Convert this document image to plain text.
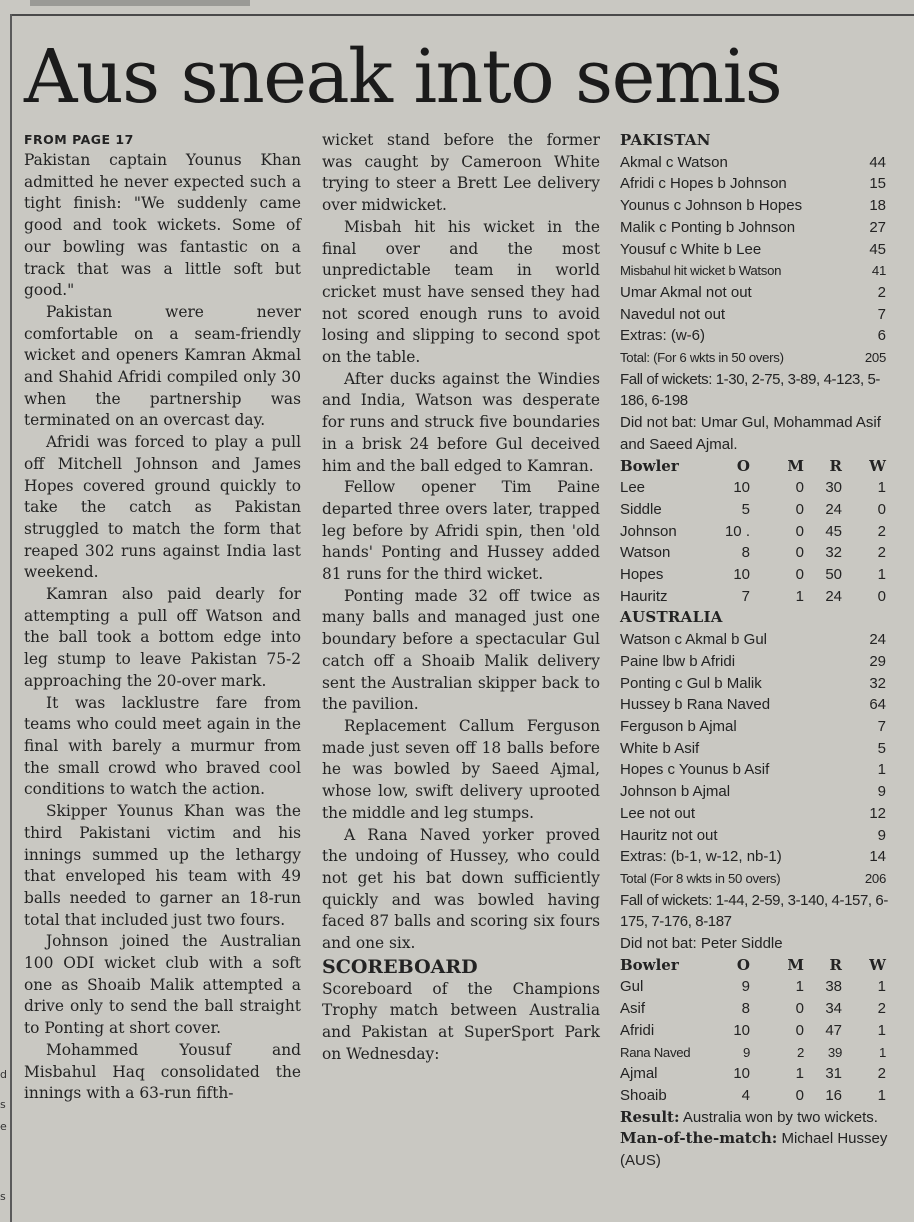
d
s
e
s
Aus sneak into semis
FROM PAGE 17

Pakistan captain Younus Khan admitted he never expected such a tight finish: "We suddenly came good and took wickets. Some of our bowling was fantastic on a track that was a little soft but good."

Pakistan were never comfortable on a seam-friendly wicket and openers Kamran Akmal and Shahid Afridi compiled only 30 when the partnership was terminated on an overcast day.

Afridi was forced to play a pull off Mitchell Johnson and James Hopes covered ground quickly to take the catch as Pakistan struggled to match the form that reaped 302 runs against India last weekend.

Kamran also paid dearly for attempting a pull off Watson and the ball took a bottom edge into leg stump to leave Pakistan 75-2 approaching the 20-over mark.

It was lacklustre fare from teams who could meet again in the final with barely a murmur from the small crowd who braved cool conditions to watch the action.

Skipper Younus Khan was the third Pakistani victim and his innings summed up the lethargy that enveloped his team with 49 balls needed to garner an 18-run total that included just two fours.

Johnson joined the Australian 100 ODI wicket club with a soft one as Shoaib Malik attempted a drive only to send the ball straight to Ponting at short cover.

Mohammed Yousuf and Misbahul Haq consolidated the innings with a 63-run fifth-

wicket stand before the former was caught by Cameroon White trying to steer a Brett Lee delivery over midwicket.

Misbah hit his wicket in the final over and the most unpredictable team in world cricket must have sensed they had not scored enough runs to avoid losing and slipping to second spot on the table.

After ducks against the Windies and India, Watson was desperate for runs and struck five boundaries in a brisk 24 before Gul deceived him and the ball edged to Kamran.

Fellow opener Tim Paine departed three overs later, trapped leg before by Afridi spin, then 'old hands' Ponting and Hussey added 81 runs for the third wicket.

Ponting made 32 off twice as many balls and managed just one boundary before a spectacular Gul catch off a Shoaib Malik delivery sent the Australian skipper back to the pavilion.

Replacement Callum Ferguson made just seven off 18 balls before he was bowled by Saeed Ajmal, whose low, swift delivery uprooted the middle and leg stumps.

A Rana Naved yorker proved the undoing of Hussey, who could not get his bat down sufficiently quickly and was bowled having faced 87 balls and scoring six fours and one six.

SCOREBOARD

Scoreboard of the Champions Trophy match between Australia and Pakistan at SuperSport Park on Wednesday:

PAKISTAN
Akmal c Watson	44
Afridi c Hopes b Johnson	15
Younus c Johnson b Hopes	18
Malik c Ponting b Johnson	27
Yousuf c White b Lee	45
Misbahul hit wicket b Watson	41
Umar Akmal not out	2
Navedul not out	7
Extras: (w-6)	6
Total: (For 6 wkts in 50 overs)	205
Fall of wickets: 1-30, 2-75, 3-89, 4-123, 5-186, 6-198
Did not bat: Umar Gul, Mohammad Asif and Saeed Ajmal.
Bowler	O	M	R	W
Lee	10	0	30	1
Siddle	5	0	24	0
Johnson	10 .	0	45	2
Watson	8	0	32	2
Hopes	10	0	50	1
Hauritz	7	1	24	0
AUSTRALIA
Watson c Akmal b Gul	24
Paine lbw b Afridi	29
Ponting c Gul b Malik	32
Hussey b Rana Naved	64
Ferguson b Ajmal	7
White b Asif	5
Hopes c Younus b Asif	1
Johnson b Ajmal	9
Lee not out	12
Hauritz not out	9
Extras: (b-1, w-12, nb-1)	14
Total (For 8 wkts in 50 overs)	206
Fall of wickets: 1-44, 2-59, 3-140, 4-157, 6-175, 7-176, 8-187
Did not bat: Peter Siddle
Bowler	O	M	R	W
Gul	9	1	38	1
Asif	8	0	34	2
Afridi	10	0	47	1
Rana Naved	9	2	39	1
Ajmal	10	1	31	2
Shoaib	4	0	16	1
Result: Australia won by two wickets.
Man-of-the-match: Michael Hussey (AUS)
